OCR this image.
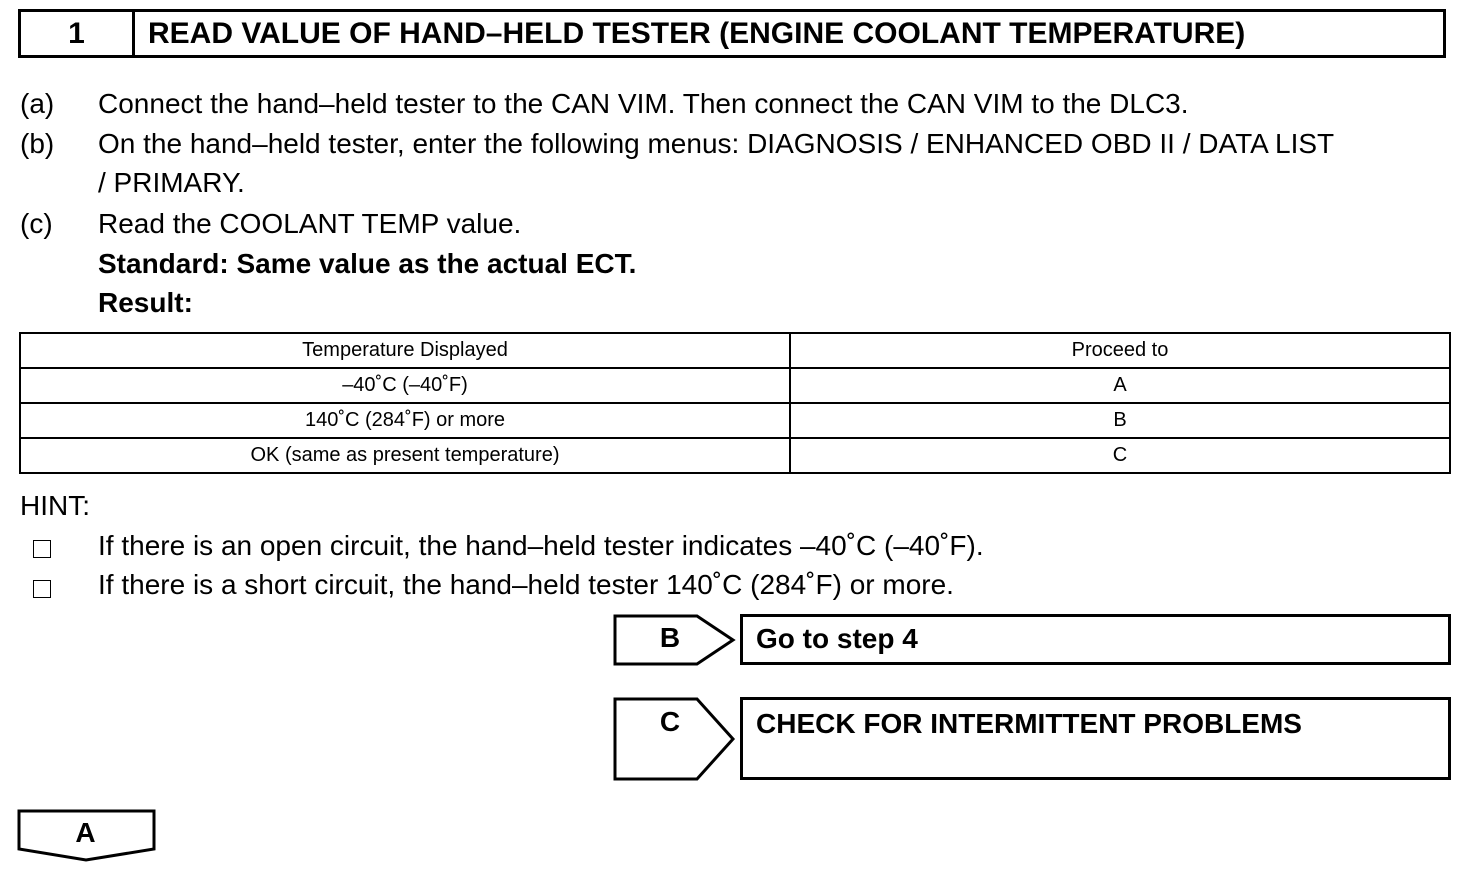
1	READ VALUE OF HAND–HELD TESTER (ENGINE COOLANT TEMPERATURE)
(a) Connect the hand–held tester to the CAN VIM. Then connect the CAN VIM to the DLC3.
(b) On the hand–held tester, enter the following menus: DIAGNOSIS / ENHANCED OBD II / DATA LIST
/ PRIMARY.
(c) Read the COOLANT TEMP value.
Standard: Same value as the actual ECT.
Result:
Temperature Displayed	Proceed to
–40˚C (–40˚F)	A
140˚C (284˚F) or more	B
OK (same as present temperature)	C
HINT:
If there is an open circuit, the hand–held tester indicates –40˚C (–40˚F).
If there is a short circuit, the hand–held tester 140˚C (284˚F) or more.
B	Go to step 4
C	CHECK FOR INTERMITTENT PROBLEMS
A
